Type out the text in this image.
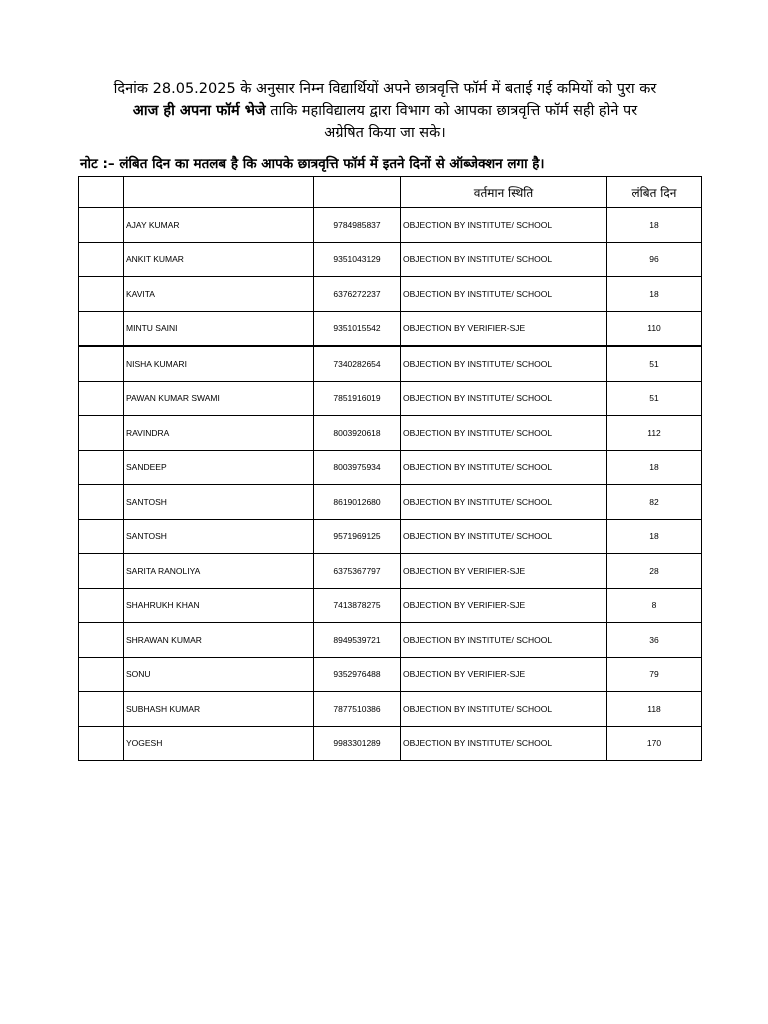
दिनांक 28.05.2025 के अनुसार निम्न विद्यार्थियों अपने छात्रवृत्ति फॉर्म में बताई गई कमियों को पुरा कर
आज ही अपना फॉर्म भेजे ताकि महाविद्यालय द्वारा विभाग को आपका छात्रवृत्ति फॉर्म सही होने पर
अग्रेषित किया जा सके।
नोट :– लंबित दिन का मतलब है कि आपके छात्रवृत्ति फॉर्म में इतने दिनों से ऑब्जेक्शन लगा है।
			वर्तमान स्थिति	लंबित दिन
	AJAY KUMAR	9784985837	OBJECTION BY INSTITUTE/ SCHOOL	18
	ANKIT KUMAR	9351043129	OBJECTION BY INSTITUTE/ SCHOOL	96
	KAVITA	6376272237	OBJECTION BY INSTITUTE/ SCHOOL	18
	MINTU SAINI	9351015542	OBJECTION BY VERIFIER-SJE	110
	NISHA KUMARI	7340282654	OBJECTION BY INSTITUTE/ SCHOOL	51
	PAWAN KUMAR SWAMI	7851916019	OBJECTION BY INSTITUTE/ SCHOOL	51
	RAVINDRA	8003920618	OBJECTION BY INSTITUTE/ SCHOOL	112
	SANDEEP	8003975934	OBJECTION BY INSTITUTE/ SCHOOL	18
	SANTOSH	8619012680	OBJECTION BY INSTITUTE/ SCHOOL	82
	SANTOSH	9571969125	OBJECTION BY INSTITUTE/ SCHOOL	18
	SARITA RANOLIYA	6375367797	OBJECTION BY VERIFIER-SJE	28
	SHAHRUKH KHAN	7413878275	OBJECTION BY VERIFIER-SJE	8
	SHRAWAN KUMAR	8949539721	OBJECTION BY INSTITUTE/ SCHOOL	36
	SONU	9352976488	OBJECTION BY VERIFIER-SJE	79
	SUBHASH KUMAR	7877510386	OBJECTION BY INSTITUTE/ SCHOOL	118
	YOGESH	9983301289	OBJECTION BY INSTITUTE/ SCHOOL	170
